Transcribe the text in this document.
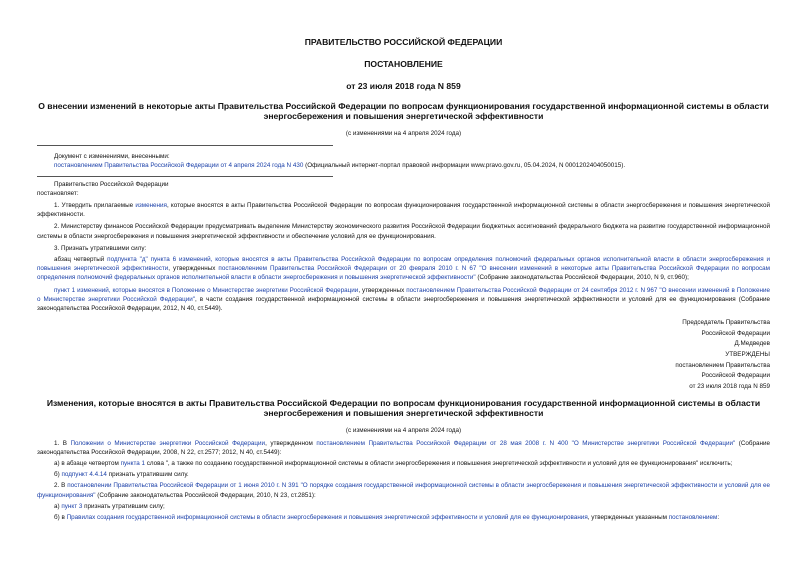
ПРАВИТЕЛЬСТВО РОССИЙСКОЙ ФЕДЕРАЦИИ

ПОСТАНОВЛЕНИЕ

от 23 июля 2018 года N 859

О внесении изменений в некоторые акты Правительства Российской Федерации по вопросам функционирования государственной информационной системы в области энергосбережения и повышения энергетической эффективности

(с изменениями на 4 апреля 2024 года)

Документ с изменениями, внесенными:

постановлением Правительства Российской Федерации от 4 апреля 2024 года N 430 (Официальный интернет-портал правовой информации www.pravo.gov.ru, 05.04.2024, N 0001202404050015).

Правительство Российской Федерации

постановляет:

1. Утвердить прилагаемые изменения, которые вносятся в акты Правительства Российской Федерации по вопросам функционирования государственной информационной системы в области энергосбережения и повышения энергетической эффективности.

2. Министерству финансов Российской Федерации предусматривать выделение Министерству экономического развития Российской Федерации бюджетных ассигнований федерального бюджета на развитие государственной информационной системы в области энергосбережения и повышения энергетической эффективности и обеспечение условий для ее функционирования.

3. Признать утратившими силу:

абзац четвертый подпункта "д" пункта 6 изменений, которые вносятся в акты Правительства Российской Федерации по вопросам определения полномочий федеральных органов исполнительной власти в области энергосбережения и повышения энергетической эффективности, утвержденных постановлением Правительства Российской Федерации от 20 февраля 2010 г. N 67 "О внесении изменений в некоторые акты Правительства Российской Федерации по вопросам определения полномочий федеральных органов исполнительной власти в области энергосбережения и повышения энергетической эффективности" (Собрание законодательства Российской Федерации, 2010, N 9, ст.960);

пункт 1 изменений, которые вносятся в Положение о Министерстве энергетики Российской Федерации, утвержденных постановлением Правительства Российской Федерации от 24 сентября 2012 г. N 967 "О внесении изменений в Положение о Министерстве энергетики Российской Федерации", в части создания государственной информационной системы в области энергосбережения и повышения энергетической эффективности и условий для ее функционирования (Собрание законодательства Российской Федерации, 2012, N 40, ст.5449).

Председатель Правительства

Российской Федерации

Д.Медведев

УТВЕРЖДЕНЫ

постановлением Правительства

Российской Федерации

от 23 июля 2018 года N 859

Изменения, которые вносятся в акты Правительства Российской Федерации по вопросам функционирования государственной информационной системы в области энергосбережения и повышения энергетической эффективности

(с изменениями на 4 апреля 2024 года)

1. В Положении о Министерстве энергетики Российской Федерации, утвержденном постановлением Правительства Российской Федерации от 28 мая 2008 г. N 400 "О Министерстве энергетики Российской Федерации" (Собрание законодательства Российской Федерации, 2008, N 22, ст.2577; 2012, N 40, ст.5449):

а) в абзаце четвертом пункта 1 слова ", а также по созданию государственной информационной системы в области энергосбережения и повышения энергетической эффективности и условий для ее функционирования" исключить;

б) подпункт 4.4.14 признать утратившим силу.

2. В постановлении Правительства Российской Федерации от 1 июня 2010 г. N 391 "О порядке создания государственной информационной системы в области энергосбережения и повышения энергетической эффективности и условий для ее функционирования" (Собрание законодательства Российской Федерации, 2010, N 23, ст.2851):

а) пункт 3 признать утратившим силу;

б) в Правилах создания государственной информационной системы в области энергосбережения и повышения энергетической эффективности и условий для ее функционирования, утвержденных указанным постановлением:
